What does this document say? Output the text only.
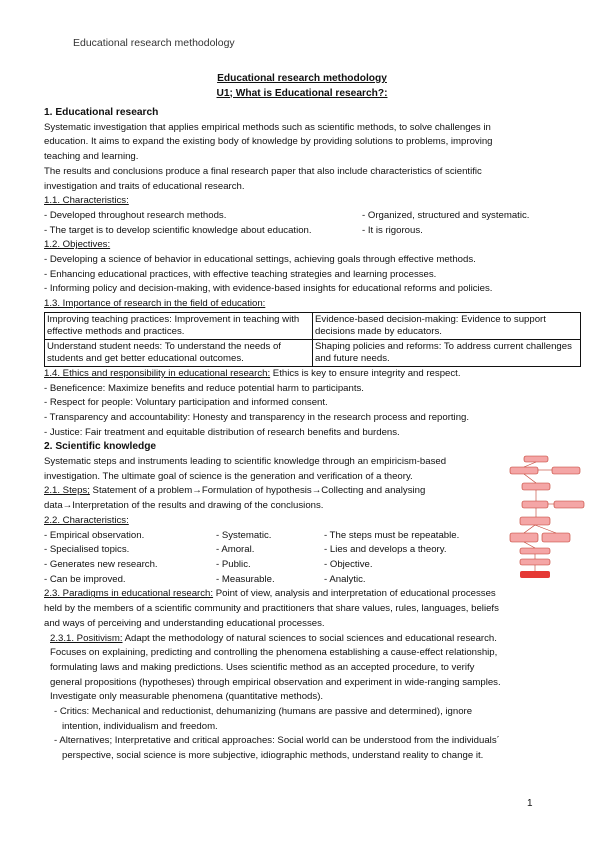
Educational research methodology
Educational research methodology
U1; What is Educational research?:
1. Educational research

Systematic investigation that applies empirical methods such as scientific methods, to solve challenges in

education. It aims to expand the existing body of knowledge by providing solutions to problems, improving

teaching and learning.

The results and conclusions produce a final research paper that also include characteristics of scientific

investigation and traits of educational research.

1.1. Characteristics:

- Developed throughout research methods.	- Organized, structured and systematic.
- The target is to develop scientific knowledge about education.	- It is rigorous.

1.2. Objectives:

- Developing a science of behavior in educational settings, achieving goals through effective methods.

- Enhancing educational practices, with effective teaching strategies and learning processes.

- Informing policy and decision-making, with evidence-based insights for educational reforms and policies.

1.3. Importance of research in the field of education:

Improving teaching practices: Improvement in teaching with effective methods and practices.	Evidence-based decision-making: Evidence to support decisions made by educators.
Understand student needs: To understand the needs of students and get better educational outcomes.	Shaping policies and reforms: To address current challenges and future needs.

1.4. Ethics and responsibility in educational research: Ethics is key to ensure integrity and respect.

- Beneficence: Maximize benefits and reduce potential harm to participants.

- Respect for people: Voluntary participation and informed consent.

- Transparency and accountability: Honesty and transparency in the research process and reporting.

- Justice: Fair treatment and equitable distribution of research benefits and burdens.

2. Scientific knowledge

Systematic steps and instruments leading to scientific knowledge through an empiricism-based

investigation. The ultimate goal of science is the generation and verification of a theory.

2.1. Steps; Statement of a problem→Formulation of hypothesis→Collecting and analysing

data→Interpretation of the results and drawing of the conclusions.

2.2. Characteristics:

- Empirical observation.	- Systematic.	- The steps must be repeatable.
- Specialised topics.	- Amoral.	- Lies and develops a theory.
- Generates new research.	- Public.	- Objective.
- Can be improved.	- Measurable.	- Analytic.

2.3. Paradigms in educational research: Point of view, analysis and interpretation of educational processes

held by the members of a scientific community and practitioners that share values, rules, languages, beliefs

and ways of perceiving and understanding educational processes.

2.3.1. Positivism: Adapt the methodology of natural sciences to social sciences and educational research.

Focuses on explaining, predicting and controlling the phenomena establishing a cause-effect relationship,

formulating laws and making predictions. Uses scientific method as an accepted procedure, to verify

general propositions (hypotheses) through empirical observation and experiment in wide-ranging samples.

Investigate only measurable phenomena (quantitative methods).

- Critics: Mechanical and reductionist, dehumanizing (humans are passive and determined), ignore

intention, individualism and freedom.

- Alternatives; Interpretative and critical approaches: Social world can be understood from the individuals´

perspective, social science is more subjective, idiographic methods, understand reality to change it.

1
